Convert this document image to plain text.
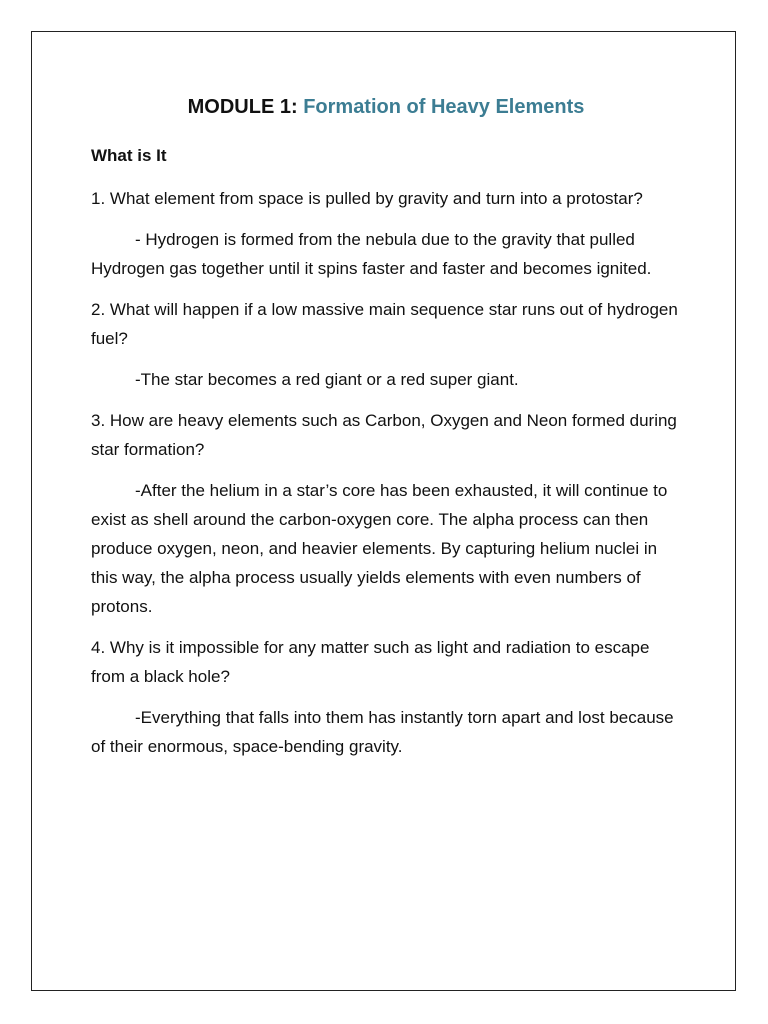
MODULE 1: Formation of Heavy Elements

What is It

1. What element from space is pulled by gravity and turn into a protostar?

- Hydrogen is formed from the nebula due to the gravity that pulled Hydrogen gas together until it spins faster and faster and becomes ignited.

2. What will happen if a low massive main sequence star runs out of hydrogen fuel?

-The star becomes a red giant or a red super giant.

3. How are heavy elements such as Carbon, Oxygen and Neon formed during star formation?

-After the helium in a star’s core has been exhausted, it will continue to exist as shell around the carbon-oxygen core. The alpha process can then produce oxygen, neon, and heavier elements. By capturing helium nuclei in this way, the alpha process usually yields elements with even numbers of protons.

4. Why is it impossible for any matter such as light and radiation to escape from a black hole?

-Everything that falls into them has instantly torn apart and lost because of their enormous, space-bending gravity.
